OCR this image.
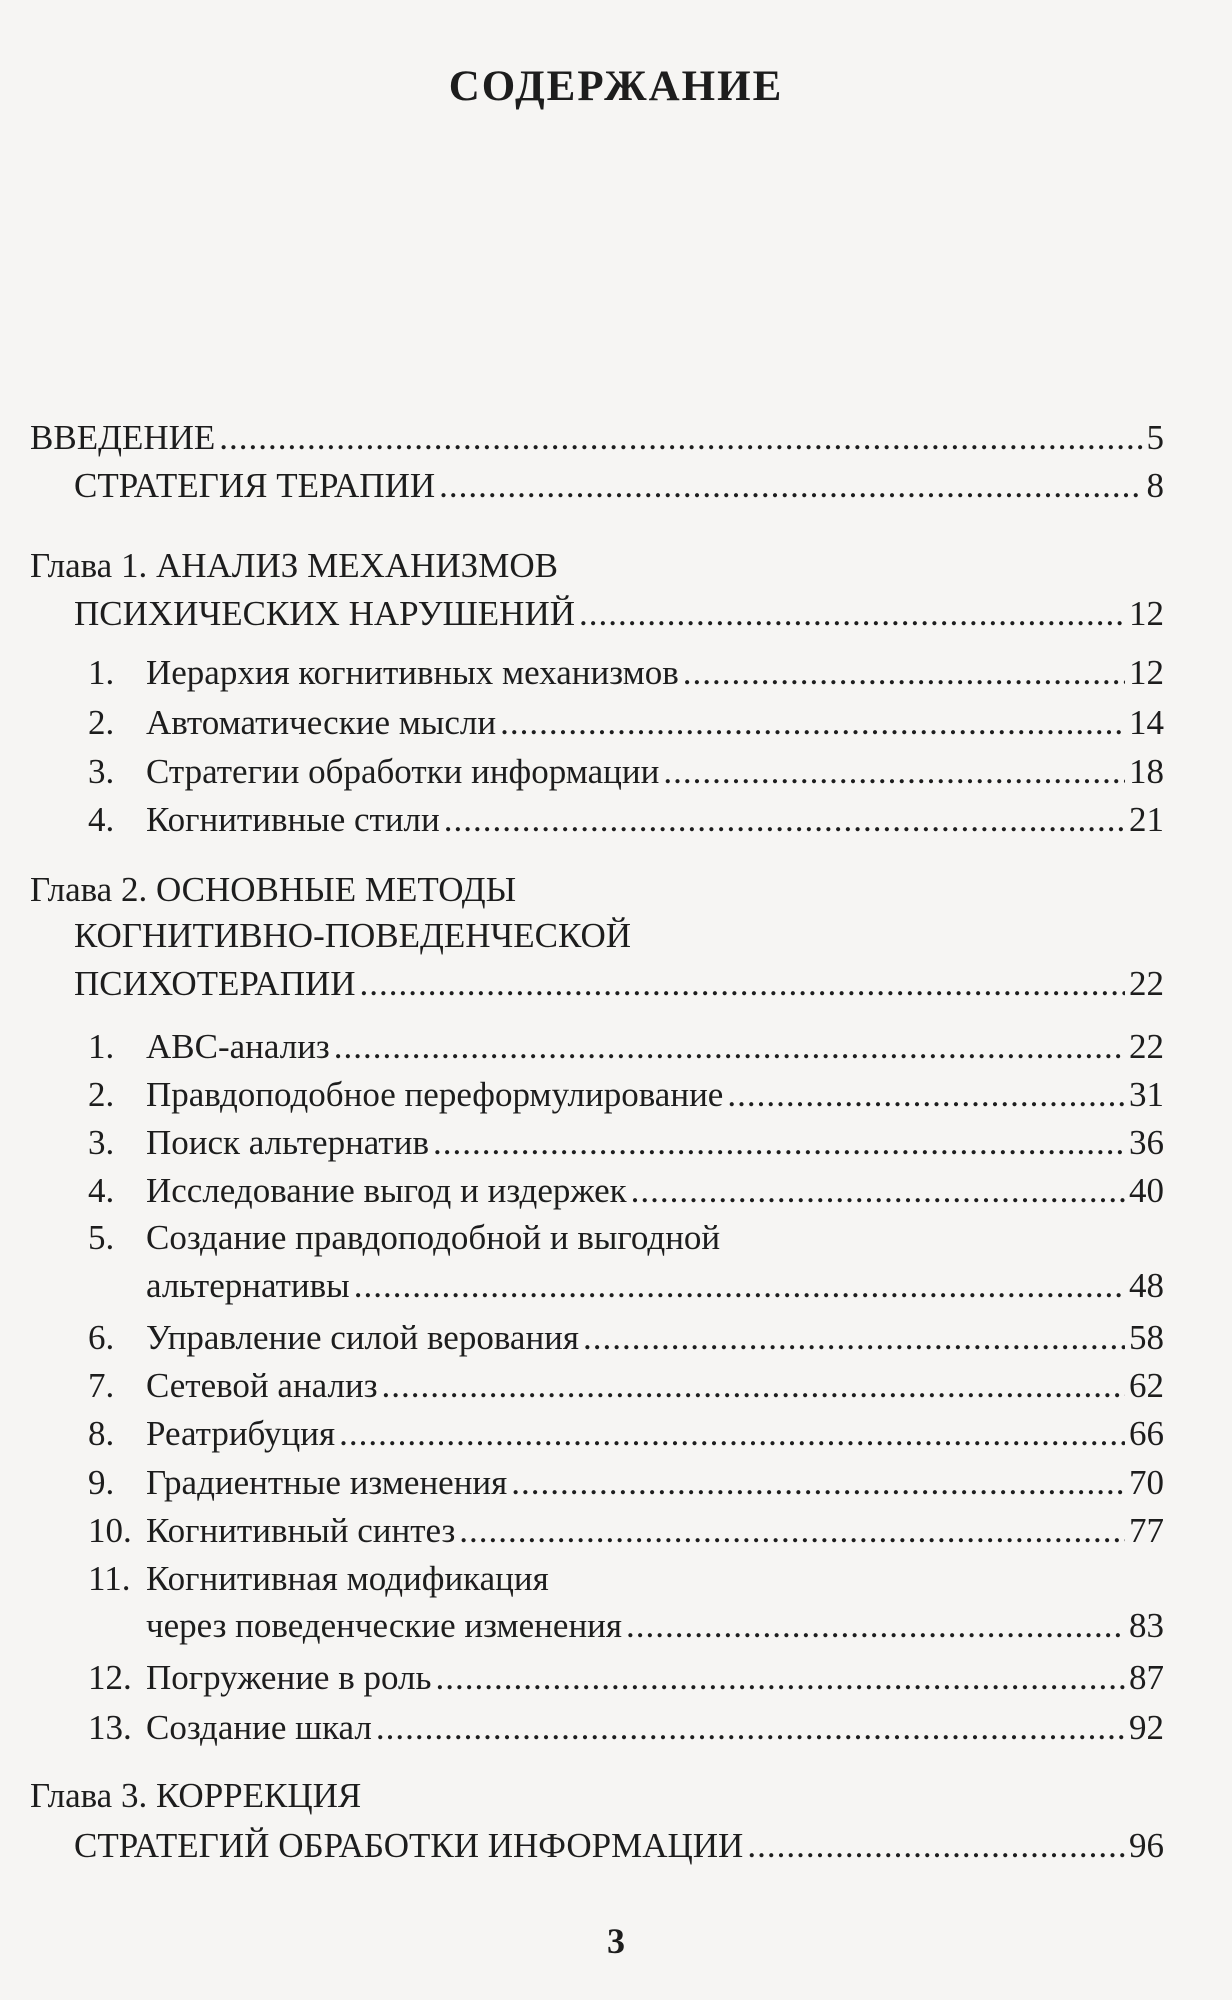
СОДЕРЖАНИЕ
ВВЕДЕНИЕ .....	5
СТРАТЕГИЯ ТЕРАПИИ .....	8
Глава 1. АНАЛИЗ МЕХАНИЗМОВ
ПСИХИЧЕСКИХ НАРУШЕНИЙ .....	12
1. Иерархия когнитивных механизмов .....	12
2. Автоматические мысли .....	14
3. Стратегии обработки информации .....	18
4. Когнитивные стили .....	21
Глава 2. ОСНОВНЫЕ МЕТОДЫ
КОГНИТИВНО-ПОВЕДЕНЧЕСКОЙ
ПСИХОТЕРАПИИ .....	22
1. АВС-анализ .....	22
2. Правдоподобное переформулирование .....	31
3. Поиск альтернатив .....	36
4. Исследование выгод и издержек .....	40
5. Создание правдоподобной и выгодной
альтернативы .....	48
6. Управление силой верования .....	58
7. Сетевой анализ .....	62
8. Реатрибуция .....	66
9. Градиентные изменения .....	70
10. Когнитивный синтез .....	77
11. Когнитивная модификация
через поведенческие изменения .....	83
12. Погружение в роль .....	87
13. Создание шкал .....	92
Глава 3. КОРРЕКЦИЯ
СТРАТЕГИЙ ОБРАБОТКИ ИНФОРМАЦИИ .....	96
3
